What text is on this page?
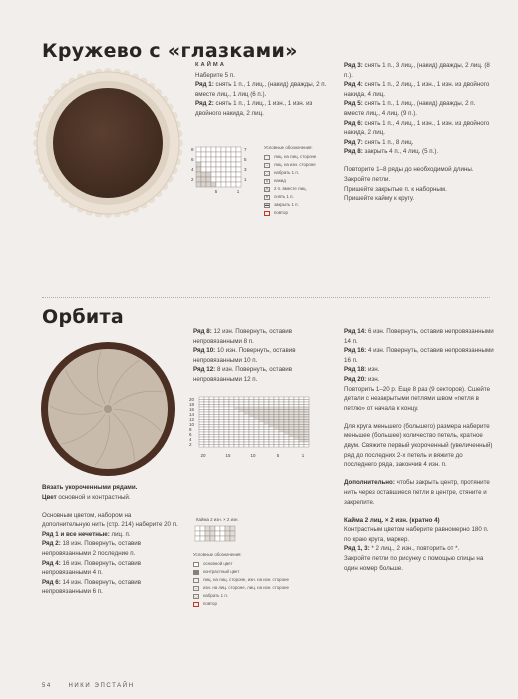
Кружево с «глазками»

КАЙМА

Наберите 5 п.

Ряд 1: снять 1 п., 1 лиц., (накид) дважды, 2 п. вместе лиц., 1 лиц (6 п.).

Ряд 2: снять 1 п., 1 лиц., 1 изн., 1 изн. из двойного накида, 2 лиц.

7
5
3
1
8
6
4
2
5	1
Условные обозначения:
лиц. на лиц. стороне
–	лиц. на изн. стороне
◡ набрать 1 п.
o	накид
⋀	2 п. вместе лиц.
∀	снять 1 п.
▬ закрыть 1 п.
повтор

Ряд 3: снять 1 п., 3 лиц., (накид) дважды, 2 лиц. (8 п.).

Ряд 4: снять 1 п., 2 лиц., 1 изн., 1 изн. из двойного накида, 4 лиц.

Ряд 5: снять 1 п., 1 лиц., (накид) дважды, 2 п. вместе лиц., 4 лиц. (9 п.).

Ряд 6: снять 1 п., 4 лиц., 1 изн., 1 изн. из двойного накида, 2 лиц.

Ряд 7: снять 1 п., 8 лиц.

Ряд 8: закрыть 4 п., 4 лиц. (5 п.).

Повторите 1–8 ряды до необходимой длины. Закройте петли.

Пришейте закрытые п. к наборным.

Пришейте кайму к кругу.

Орбита

Вязать укороченными рядами.

Цвет основной и контрастный.

Основным цветом, набором на дополнительную нить (стр. 214) наберите 20 п.

Ряд 1 и все нечетные: лиц. п.

Ряд 2: 18 изн. Повернуть, оставив непровязанными 2 последние п.

Ряд 4: 16 изн. Повернуть, оставив непровязанными 4 п.

Ряд 6: 14 изн. Повернуть, оставив непровязанными 6 п.

Ряд 8: 12 изн. Повернуть, оставив непровязанными 8 п.

Ряд 10: 10 изн. Повернуть, оставив непровязанными 10 п.

Ряд 12: 8 изн. Повернуть, оставив непровязанными 12 п.

20
18
16
14
12
10
8
6
4
2
20	15	10	5	1
Кайма 2 изн. × 2 изн.
Условные обозначения:
основной цвет
контрастный цвет
лиц. на лиц. стороне, изн. на изн. стороне
–	изн. на лиц. стороне, лиц. на изн. стороне
◡ набрать 1 п.
повтор

Ряд 14: 6 изн. Повернуть, оставив непровязанными 14 п.

Ряд 16: 4 изн. Повернуть, оставив непровязанными 16 п.

Ряд 18: изн.

Ряд 20: изн.

Повторить 1–20 р. Еще 8 раз (9 секторов). Сшейте детали с незакрытыми петлями швом «петля в петлю» от начала к концу.

Для круга меньшего (большего) размера наберите меньшее (большее) количество петель, кратное двум. Свяжите первый укороченный (увеличенный) ряд до последних 2-х петель и вяжите до последнего ряда, закончив 4 изн. п.

Дополнительно: чтобы закрыть центр, протяните нить через оставшиеся петли в центре, стяните и закрепите.

Кайма 2 лиц. × 2 изн. (кратно 4)

Контрастным цветом наберите равномерно 180 п. по краю круга, маркер.

Ряд 1, 3: * 2 лиц., 2 изн., повторить от *.

Закройте петли по рисунку с помощью спицы на один номер больше.

54	НИКИ ЭПСТАЙН
